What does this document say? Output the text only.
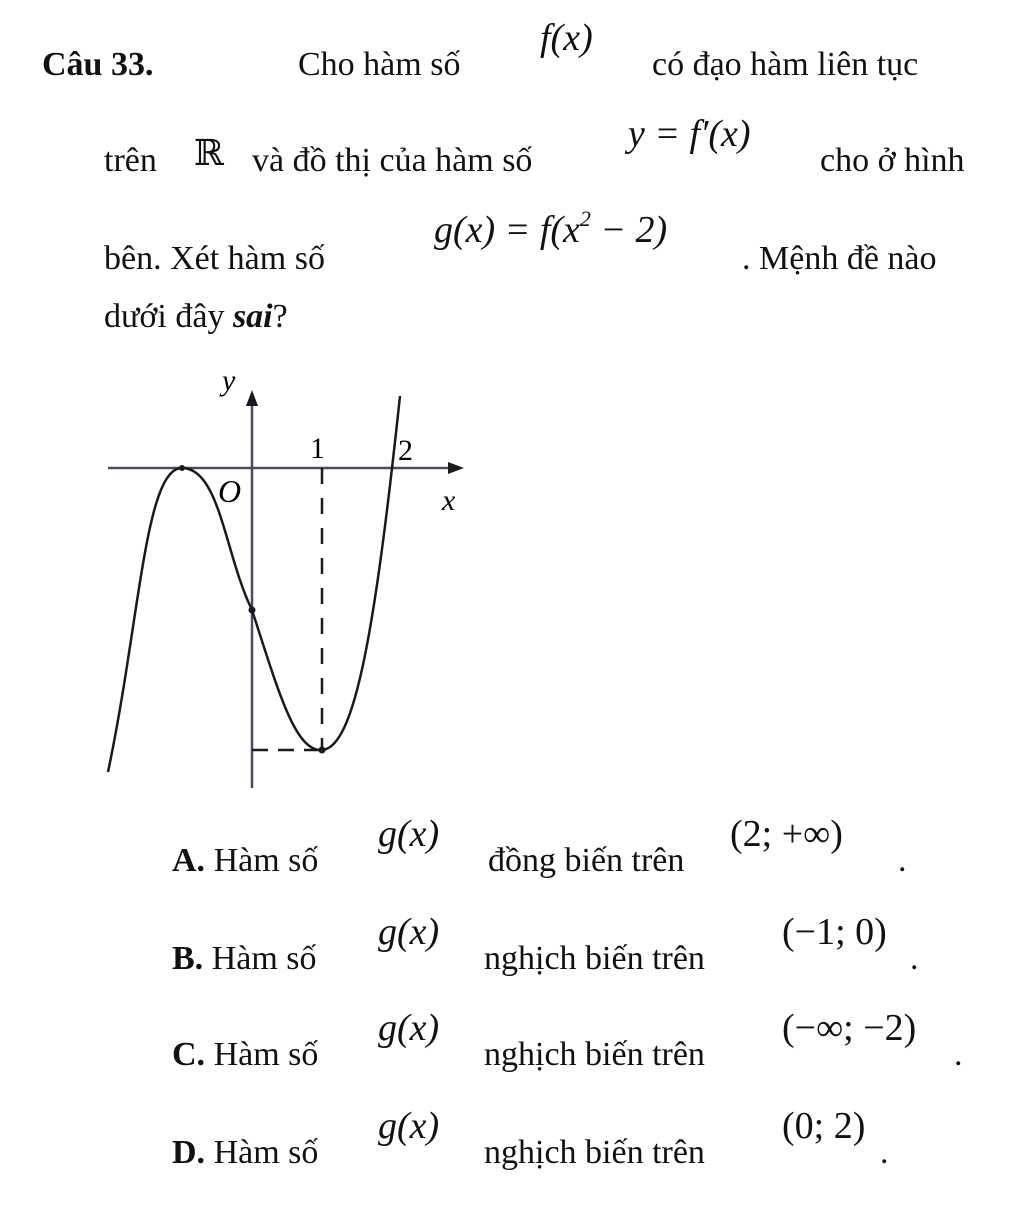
Câu 33.	Cho hàm số
f(x)
có đạo hàm liên tục
trên ℝ và đồ thị của hàm số
y = f′(x)
cho ở hình
bên. Xét hàm số
$g(x) = f(x^2 - 2)$
. Mệnh đề nào
dưới đây sai?
y
x
O
1 2
A. Hàm số
g(x)
đồng biến trên
(2; +∞)
.
B. Hàm số
g(x)
nghịch biến trên
(−1; 0)
.
C. Hàm số
g(x)
nghịch biến trên
(−∞; −2)
.
D. Hàm số
g(x)
nghịch biến trên
(0; 2)
.
